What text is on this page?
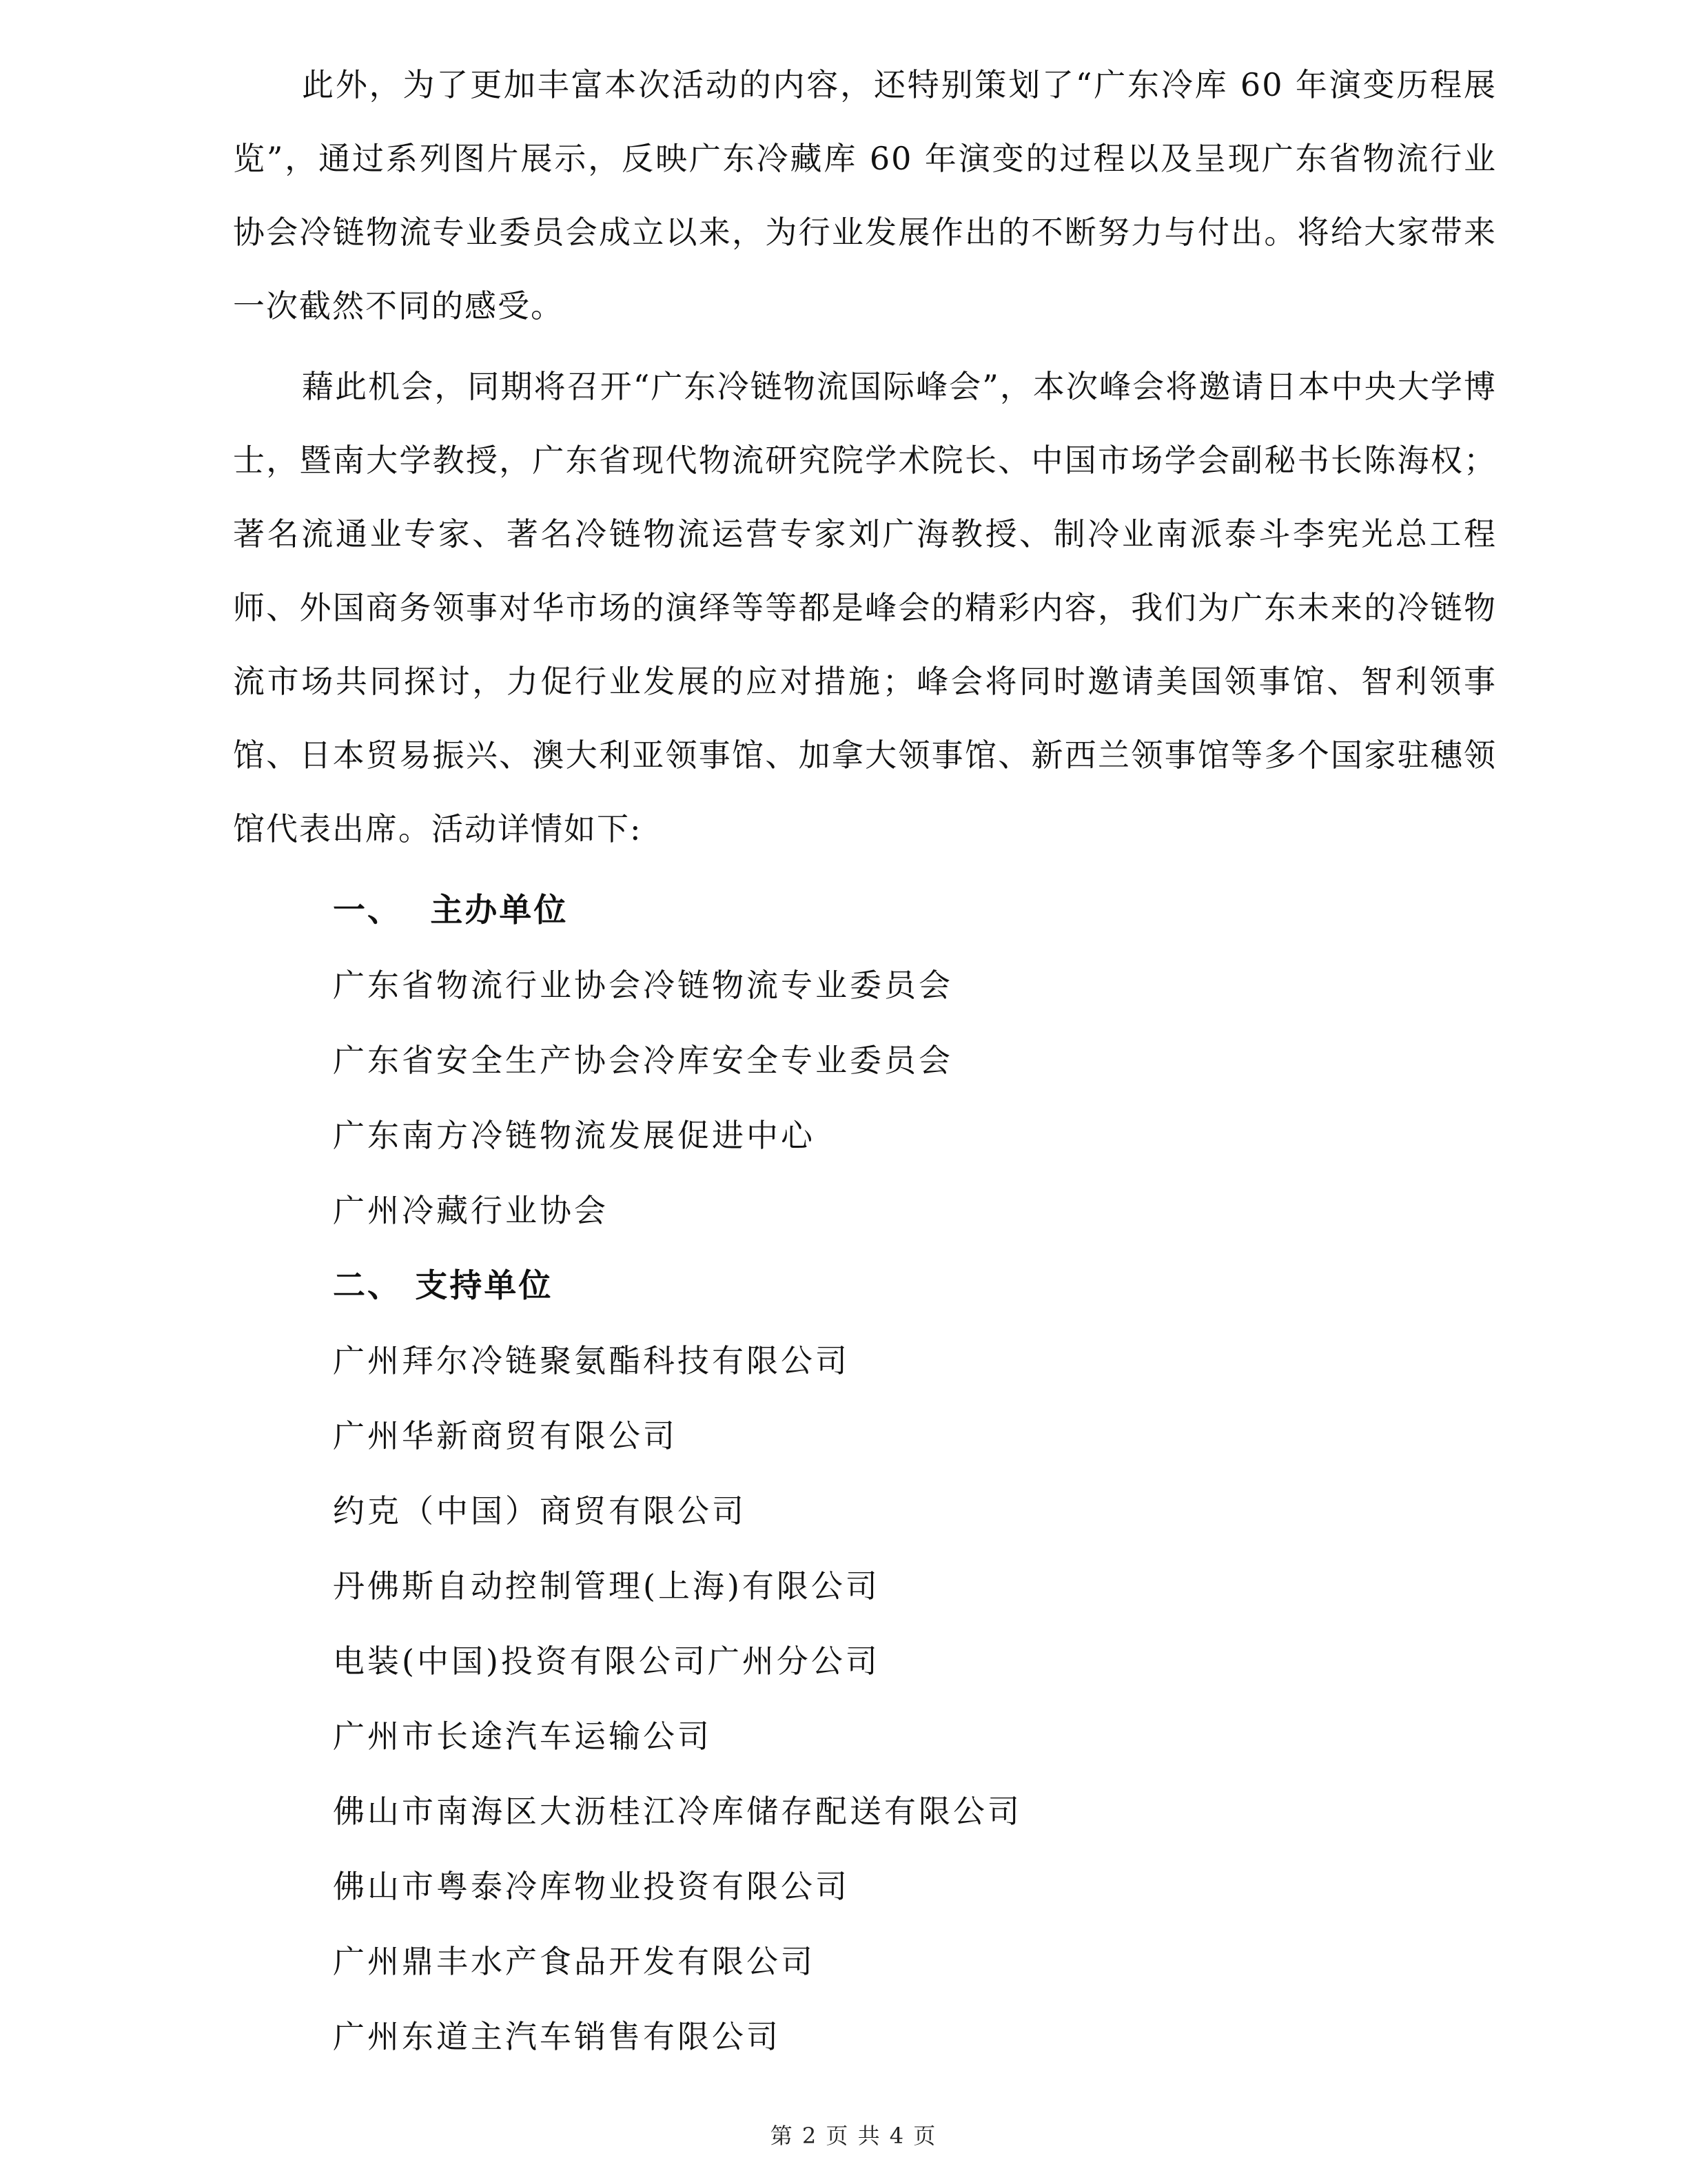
此外，为了更加丰富本次活动的内容，还特别策划了“广东冷库 60 年演变历程展览”，通过系列图片展示，反映广东冷藏库 60 年演变的过程以及呈现广东省物流行业协会冷链物流专业委员会成立以来，为行业发展作出的不断努力与付出。将给大家带来一次截然不同的感受。

藉此机会，同期将召开“广东冷链物流国际峰会”，本次峰会将邀请日本中央大学博士，暨南大学教授，广东省现代物流研究院学术院长、中国市场学会副秘书长陈海权；著名流通业专家、著名冷链物流运营专家刘广海教授、制冷业南派泰斗李宪光总工程师、外国商务领事对华市场的演绎等等都是峰会的精彩内容，我们为广东未来的冷链物流市场共同探讨，力促行业发展的应对措施；峰会将同时邀请美国领事馆、智利领事馆、日本贸易振兴、澳大利亚领事馆、加拿大领事馆、新西兰领事馆等多个国家驻穗领馆代表出席。活动详情如下:

一、 主办单位
广东省物流行业协会冷链物流专业委员会
广东省安全生产协会冷库安全专业委员会
广东南方冷链物流发展促进中心
广州冷藏行业协会
二、 支持单位
广州拜尔冷链聚氨酯科技有限公司
广州华新商贸有限公司
约克（中国）商贸有限公司
丹佛斯自动控制管理(上海)有限公司
电装(中国)投资有限公司广州分公司
广州市长途汽车运输公司
佛山市南海区大沥桂江冷库储存配送有限公司
佛山市粤泰冷库物业投资有限公司
广州鼎丰水产食品开发有限公司
广州东道主汽车销售有限公司
第 2 页 共 4 页
